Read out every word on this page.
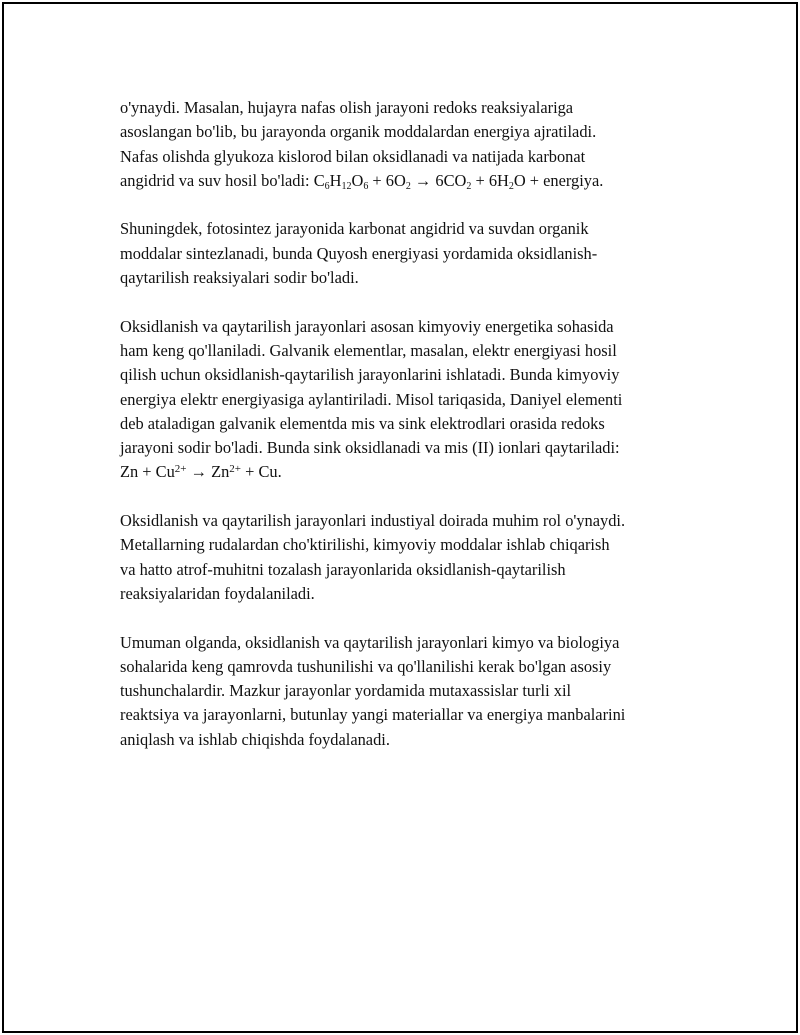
o'ynaydi. Masalan, hujayra nafas olish jarayoni redoks reaksiyalariga
asoslangan bo'lib, bu jarayonda organik moddalardan energiya ajratiladi.
Nafas olishda glyukoza kislorod bilan oksidlanadi va natijada karbonat
angidrid va suv hosil bo'ladi: $C_6H_{12}O_6 + 6O_2 \to 6CO_2 + 6H_2O$ + energiya.

Shuningdek, fotosintez jarayonida karbonat angidrid va suvdan organik
moddalar sintezlanadi, bunda Quyosh energiyasi yordamida oksidlanish-
qaytarilish reaksiyalari sodir bo'ladi.

Oksidlanish va qaytarilish jarayonlari asosan kimyoviy energetika sohasida
ham keng qo'llaniladi. Galvanik elementlar, masalan, elektr energiyasi hosil
qilish uchun oksidlanish-qaytarilish jarayonlarini ishlatadi. Bunda kimyoviy
energiya elektr energiyasiga aylantiriladi. Misol tariqasida, Daniyel elementi
deb ataladigan galvanik elementda mis va sink elektrodlari orasida redoks
jarayoni sodir bo'ladi. Bunda sink oksidlanadi va mis (II) ionlari qaytariladi:
$Zn + Cu^{2+} \to Zn^{2+} + Cu$.

Oksidlanish va qaytarilish jarayonlari industiyal doirada muhim rol o'ynaydi.
Metallarning rudalardan cho'ktirilishi, kimyoviy moddalar ishlab chiqarish
va hatto atrof-muhitni tozalash jarayonlarida oksidlanish-qaytarilish
reaksiyalaridan foydalaniladi.

Umuman olganda, oksidlanish va qaytarilish jarayonlari kimyo va biologiya
sohalarida keng qamrovda tushunilishi va qo'llanilishi kerak bo'lgan asosiy
tushunchalardir. Mazkur jarayonlar yordamida mutaxassislar turli xil
reaktsiya va jarayonlarni, butunlay yangi materiallar va energiya manbalarini
aniqlash va ishlab chiqishda foydalanadi.
